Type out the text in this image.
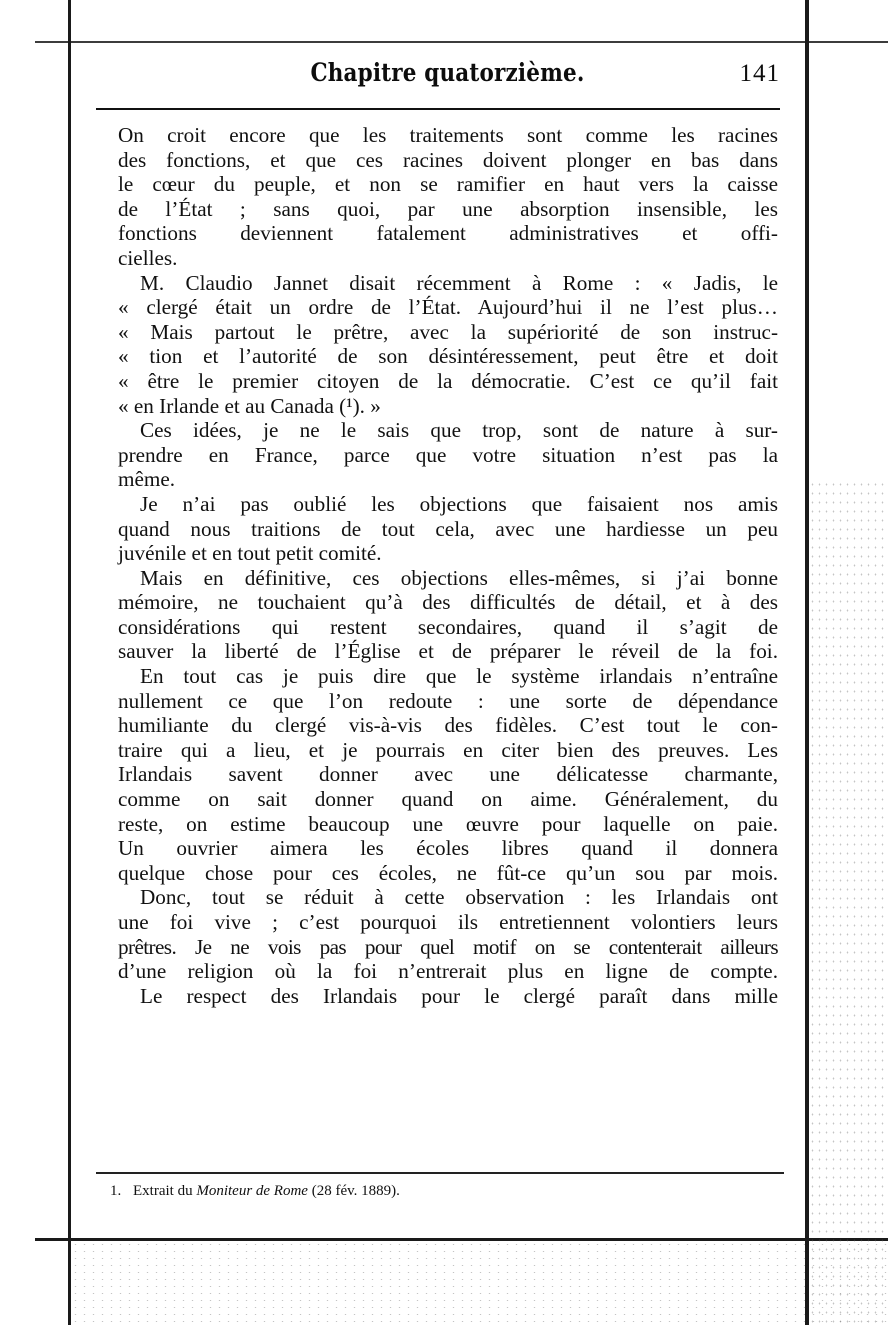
Chapitre quatorzième.	141
On croit encore que les traitements sont comme les racines
des fonctions, et que ces racines doivent plonger en bas dans
le cœur du peuple, et non se ramifier en haut vers la caisse
de l’État ; sans quoi, par une absorption insensible, les
fonctions deviennent fatalement administratives et offi-
cielles.
M. Claudio Jannet disait récemment à Rome : « Jadis, le
« clergé était un ordre de l’État. Aujourd’hui il ne l’est plus…
« Mais partout le prêtre, avec la supériorité de son instruc-
« tion et l’autorité de son désintéressement, peut être et doit
« être le premier citoyen de la démocratie. C’est ce qu’il fait
« en Irlande et au Canada (¹). »
Ces idées, je ne le sais que trop, sont de nature à sur-
prendre en France, parce que votre situation n’est pas la
même.
Je n’ai pas oublié les objections que faisaient nos amis
quand nous traitions de tout cela, avec une hardiesse un peu
juvénile et en tout petit comité.
Mais en définitive, ces objections elles-mêmes, si j’ai bonne
mémoire, ne touchaient qu’à des difficultés de détail, et à des
considérations qui restent secondaires, quand il s’agit de
sauver la liberté de l’Église et de préparer le réveil de la foi.
En tout cas je puis dire que le système irlandais n’entraîne
nullement ce que l’on redoute : une sorte de dépendance
humiliante du clergé vis-à-vis des fidèles. C’est tout le con-
traire qui a lieu, et je pourrais en citer bien des preuves. Les
Irlandais savent donner avec une délicatesse charmante,
comme on sait donner quand on aime. Généralement, du
reste, on estime beaucoup une œuvre pour laquelle on paie.
Un ouvrier aimera les écoles libres quand il donnera
quelque chose pour ces écoles, ne fût-ce qu’un sou par mois.
Donc, tout se réduit à cette observation : les Irlandais ont
une foi vive ; c’est pourquoi ils entretiennent volontiers leurs
prêtres. Je ne vois pas pour quel motif on se contenterait ailleurs
d’une religion où la foi n’entrerait plus en ligne de compte.
Le respect des Irlandais pour le clergé paraît dans mille
1. Extrait du Moniteur de Rome (28 fév. 1889).
